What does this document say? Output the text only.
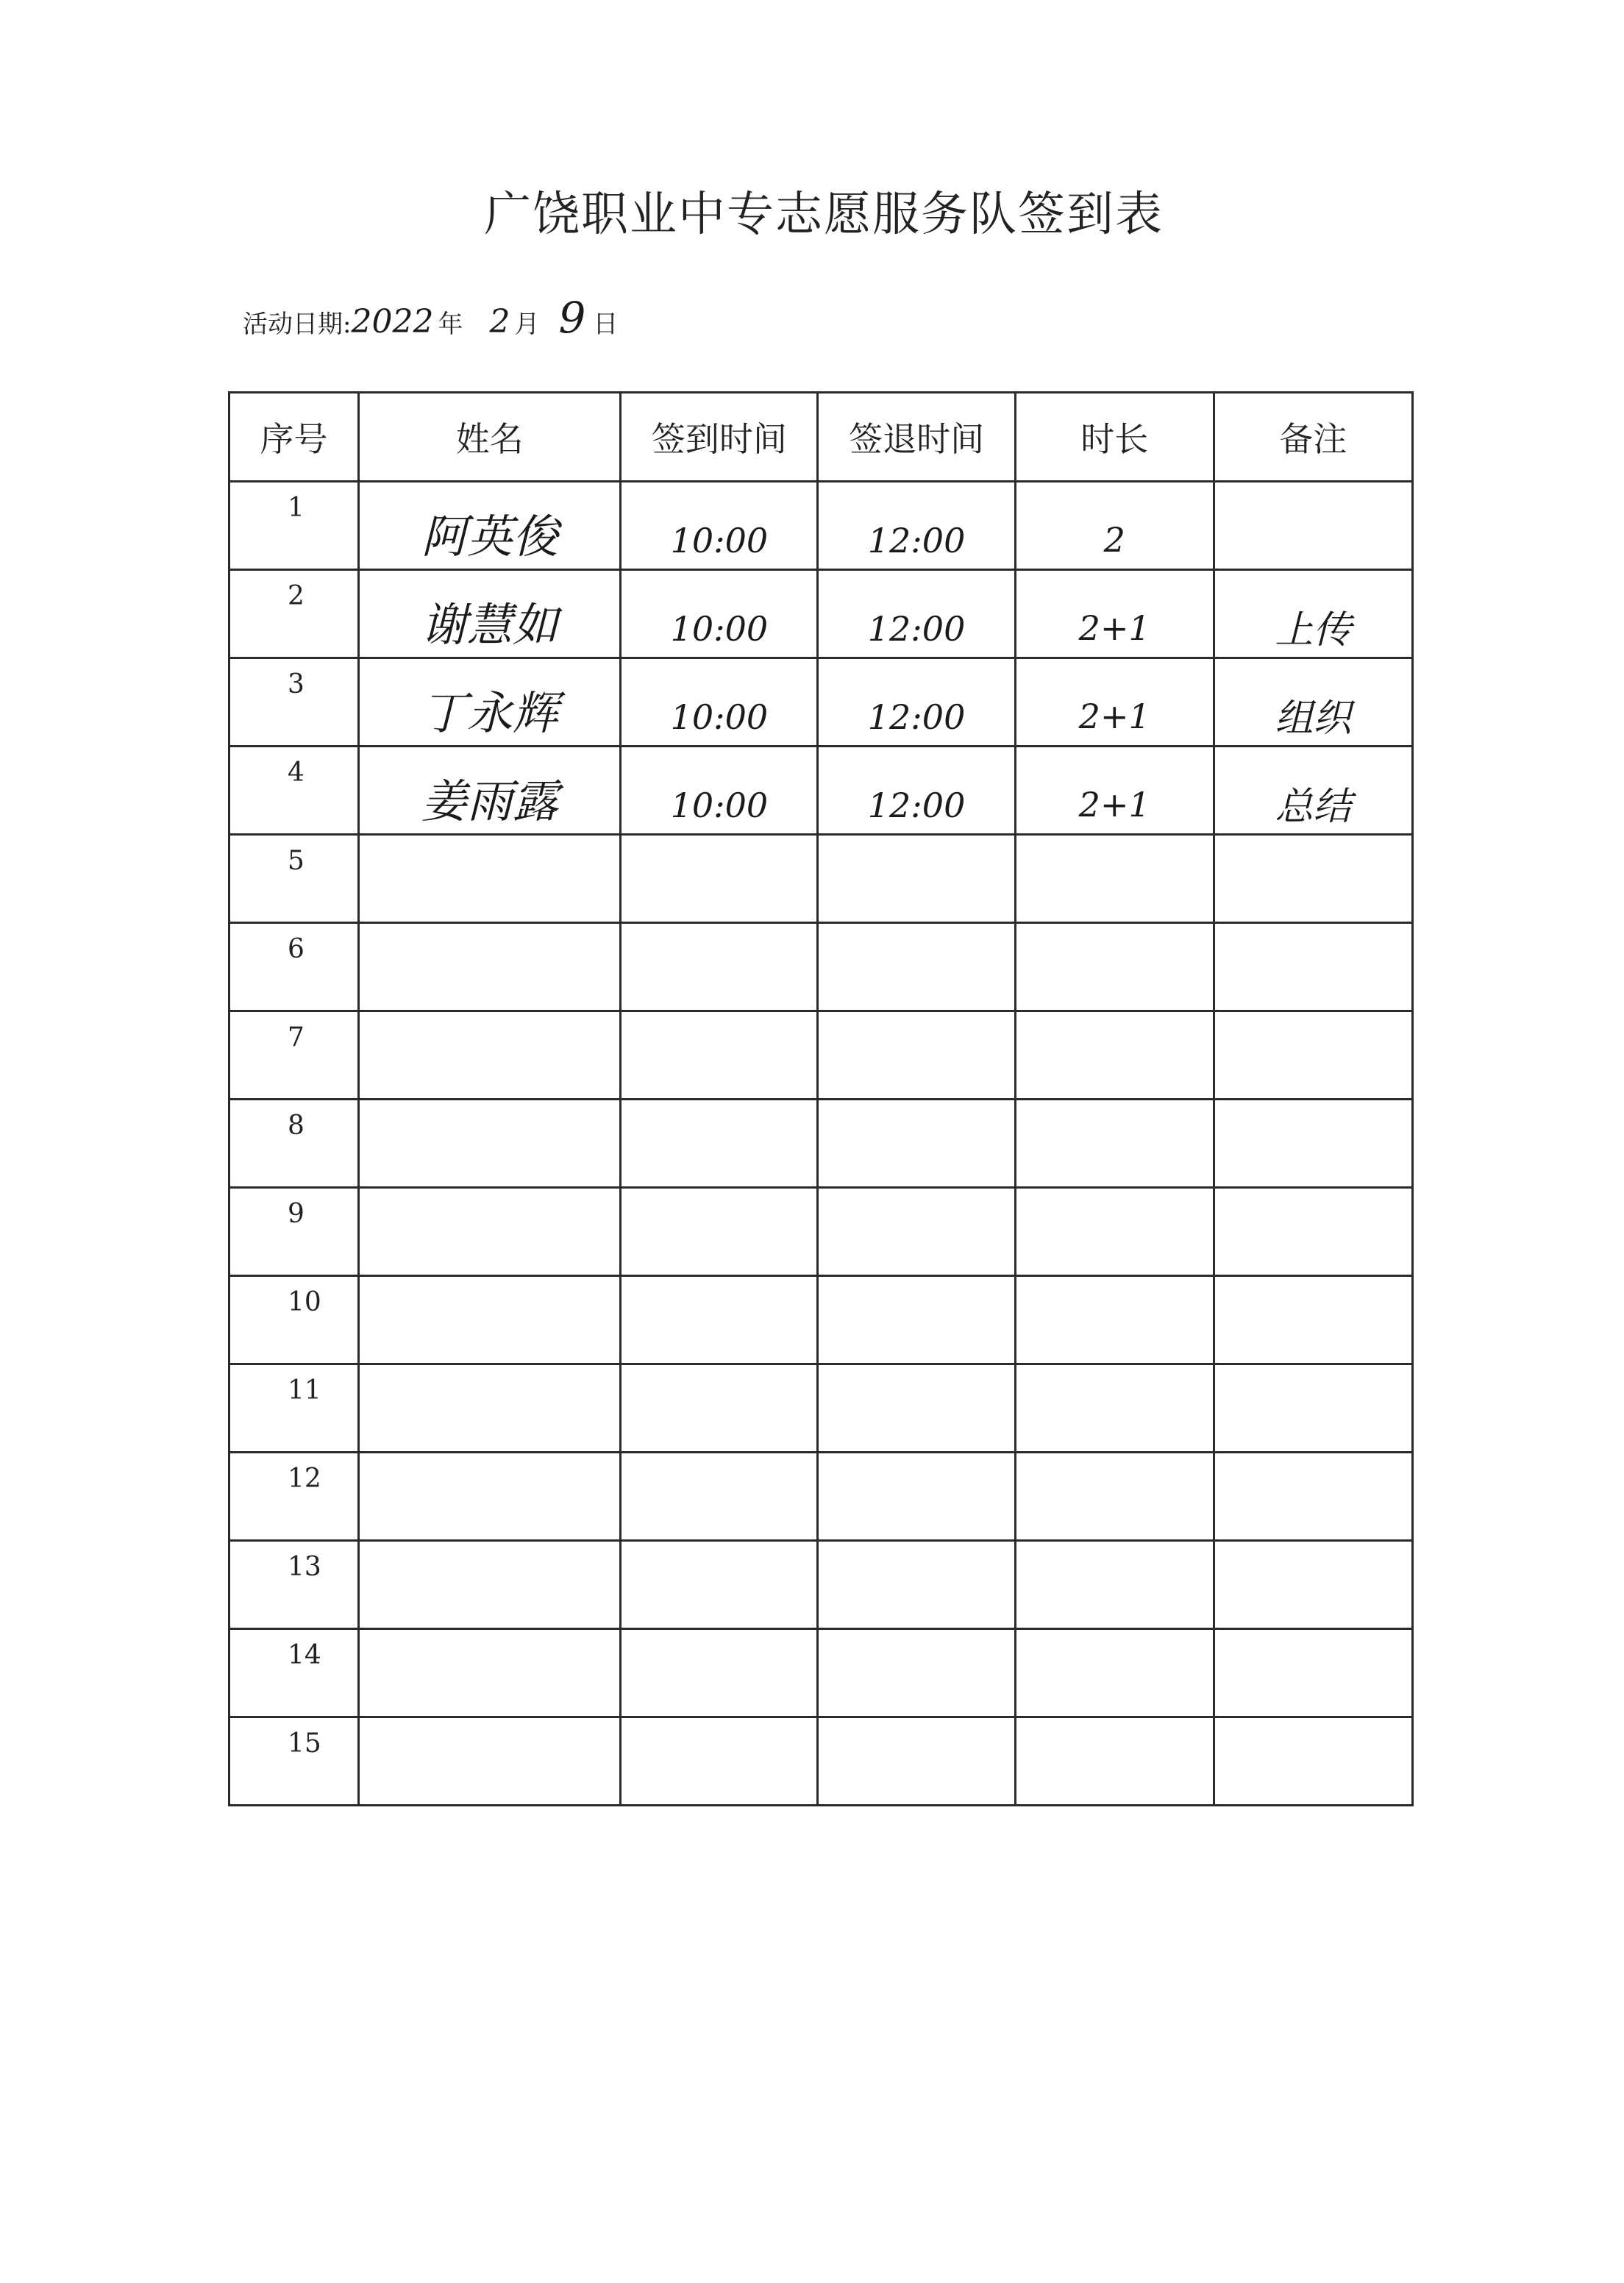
广饶职业中专志愿服务队签到表
活动日期:2022 年 2 月 9 日
序号	姓名	签到时间	签退时间	时长	备注

1	阿英俊	10:00	12:00	2	

2	谢慧如	10:00	12:00	2+1	上传

3	丁永辉	10:00	12:00	2+1	组织

4	姜雨露	10:00	12:00	2+1	总结

5					

6					

7					

8					

9					

10					

11					

12					

13					

14					

15					
